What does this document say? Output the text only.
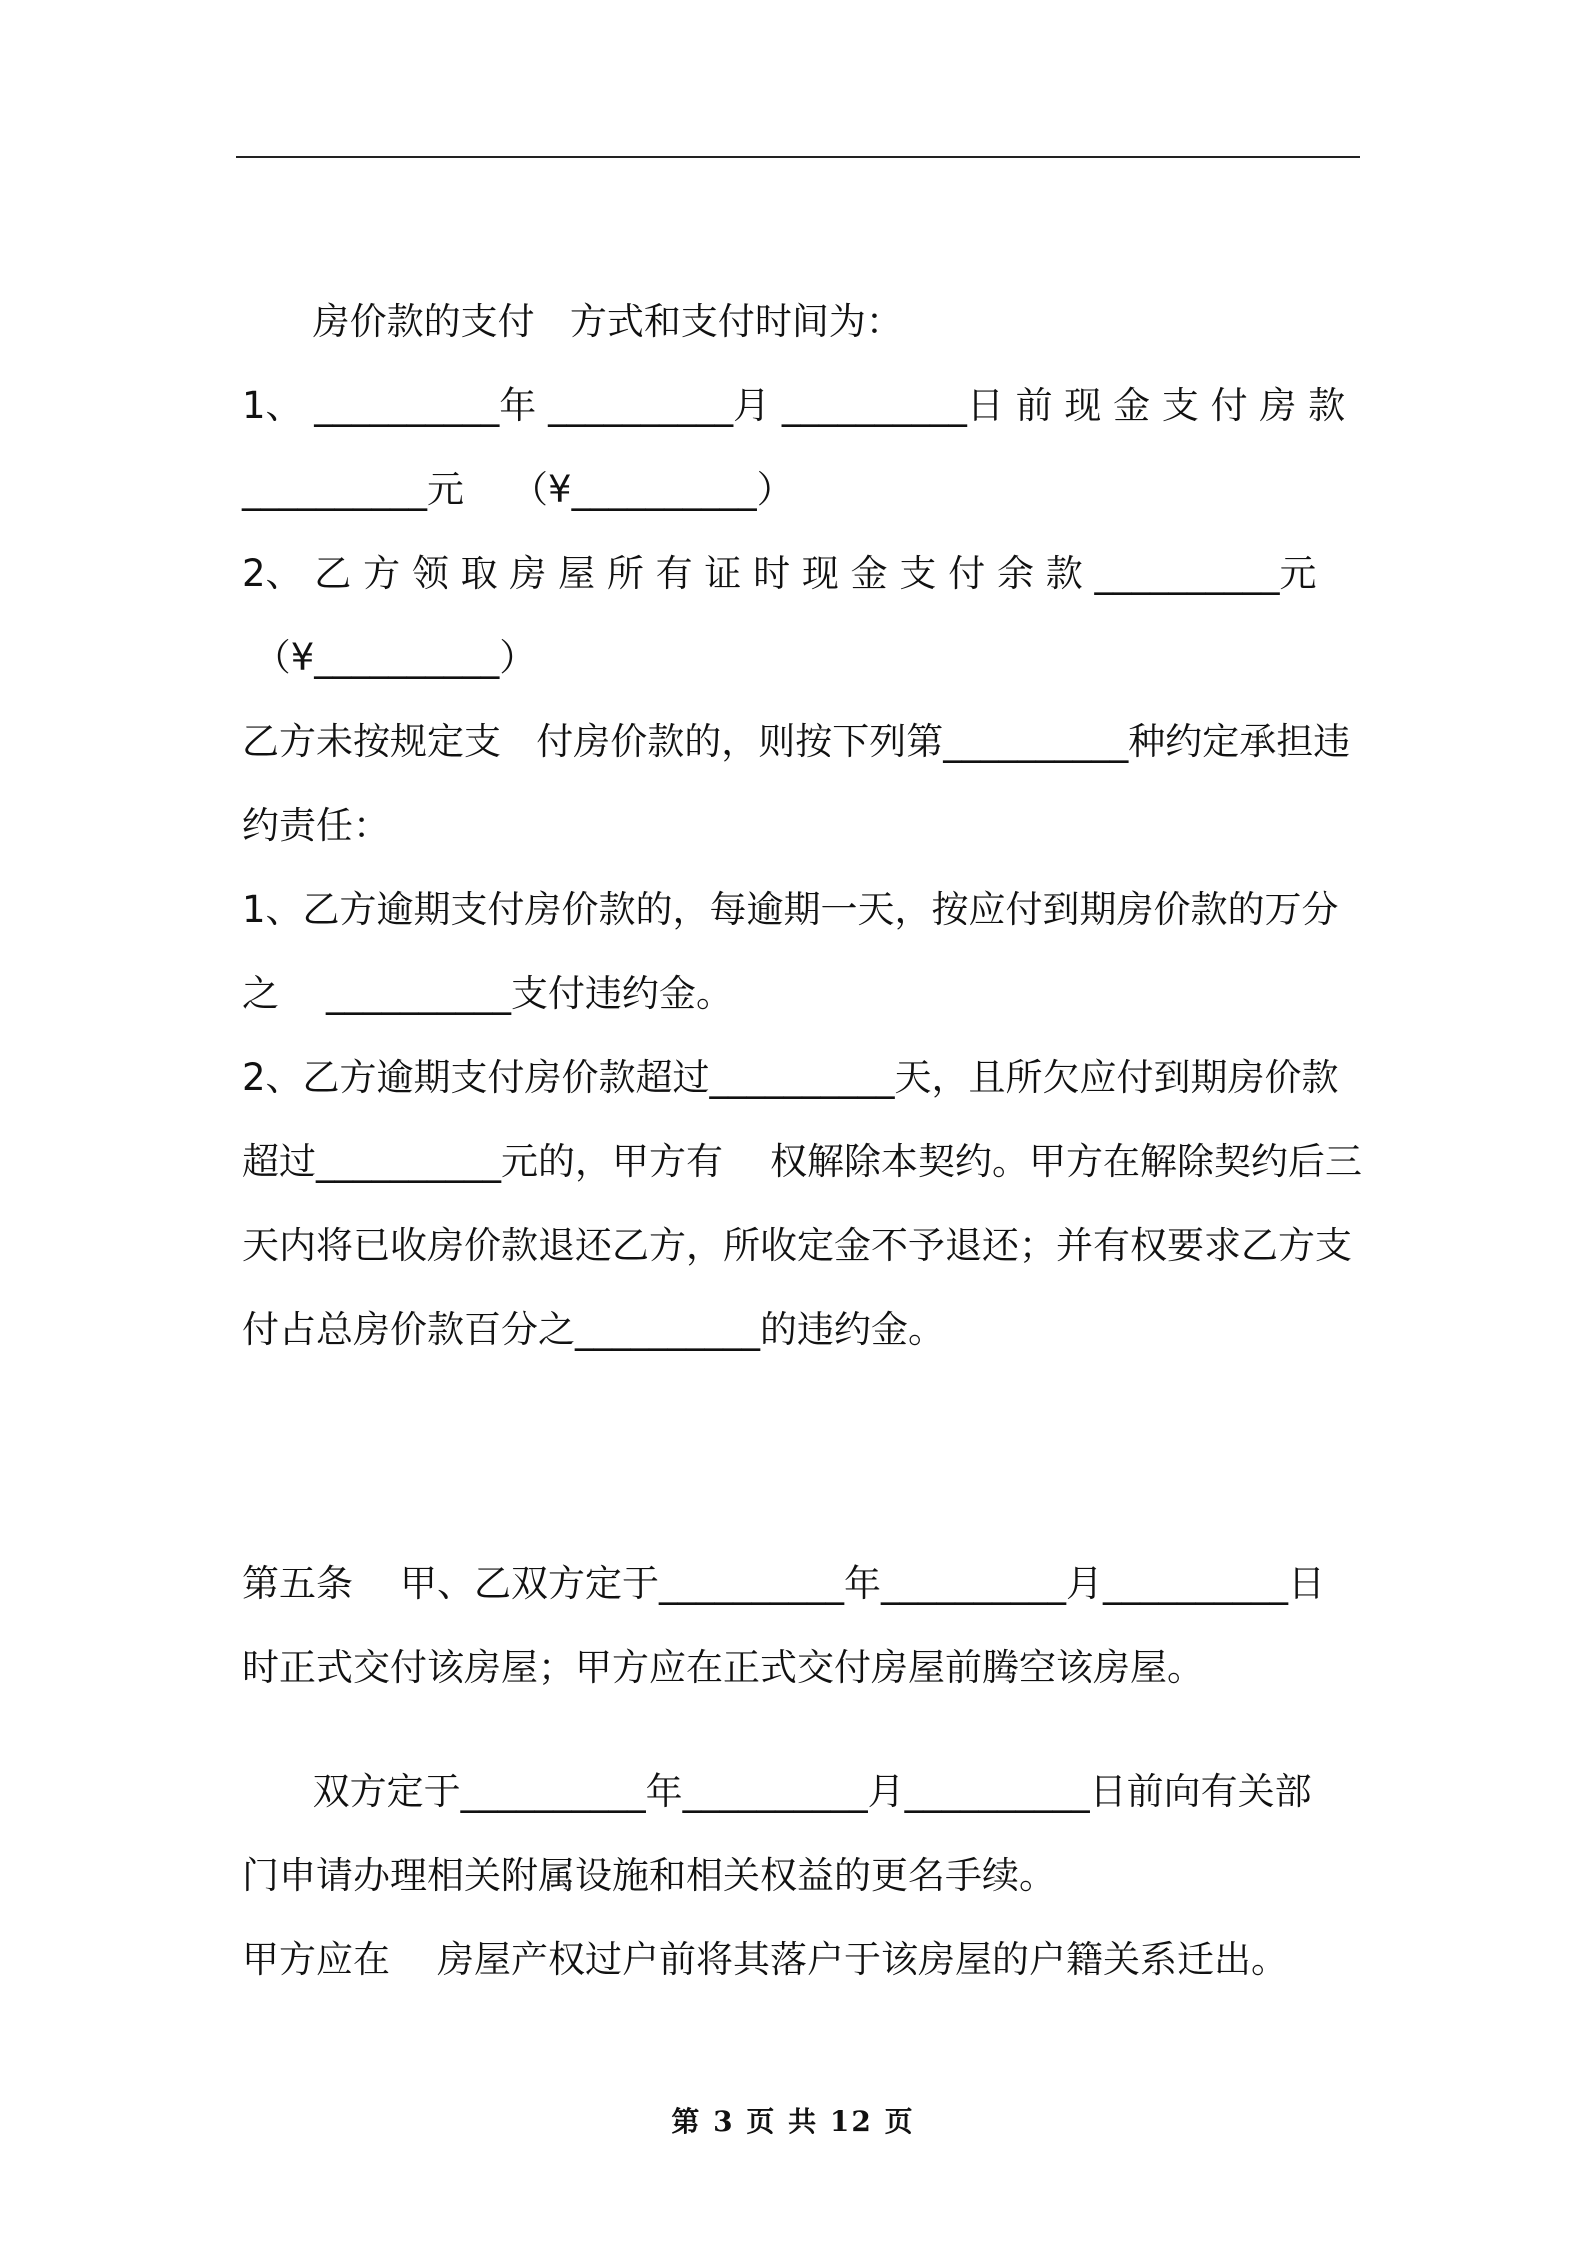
房价款的支付   方式和支付时间为：
1、 __________年 __________月 __________日 前 现 金 支 付 房 款
__________元    （¥__________）
2、 乙 方 领 取 房 屋 所 有 证 时 现 金 支 付 余 款 __________元
（¥__________）
乙方未按规定支   付房价款的，则按下列第__________种约定承担违
约责任：
1、乙方逾期支付房价款的，每逾期一天，按应付到期房价款的万分
之    __________支付违约金。
2、乙方逾期支付房价款超过__________天，且所欠应付到期房价款
超过__________元的，甲方有    权解除本契约。甲方在解除契约后三
天内将已收房价款退还乙方，所收定金不予退还；并有权要求乙方支
付占总房价款百分之__________的违约金。
第五条    甲、乙双方定于__________年__________月__________日
时正式交付该房屋；甲方应在正式交付房屋前腾空该房屋。
双方定于__________年__________月__________日前向有关部
门申请办理相关附属设施和相关权益的更名手续。
甲方应在    房屋产权过户前将其落户于该房屋的户籍关系迁出。
第 3 页 共 12 页
